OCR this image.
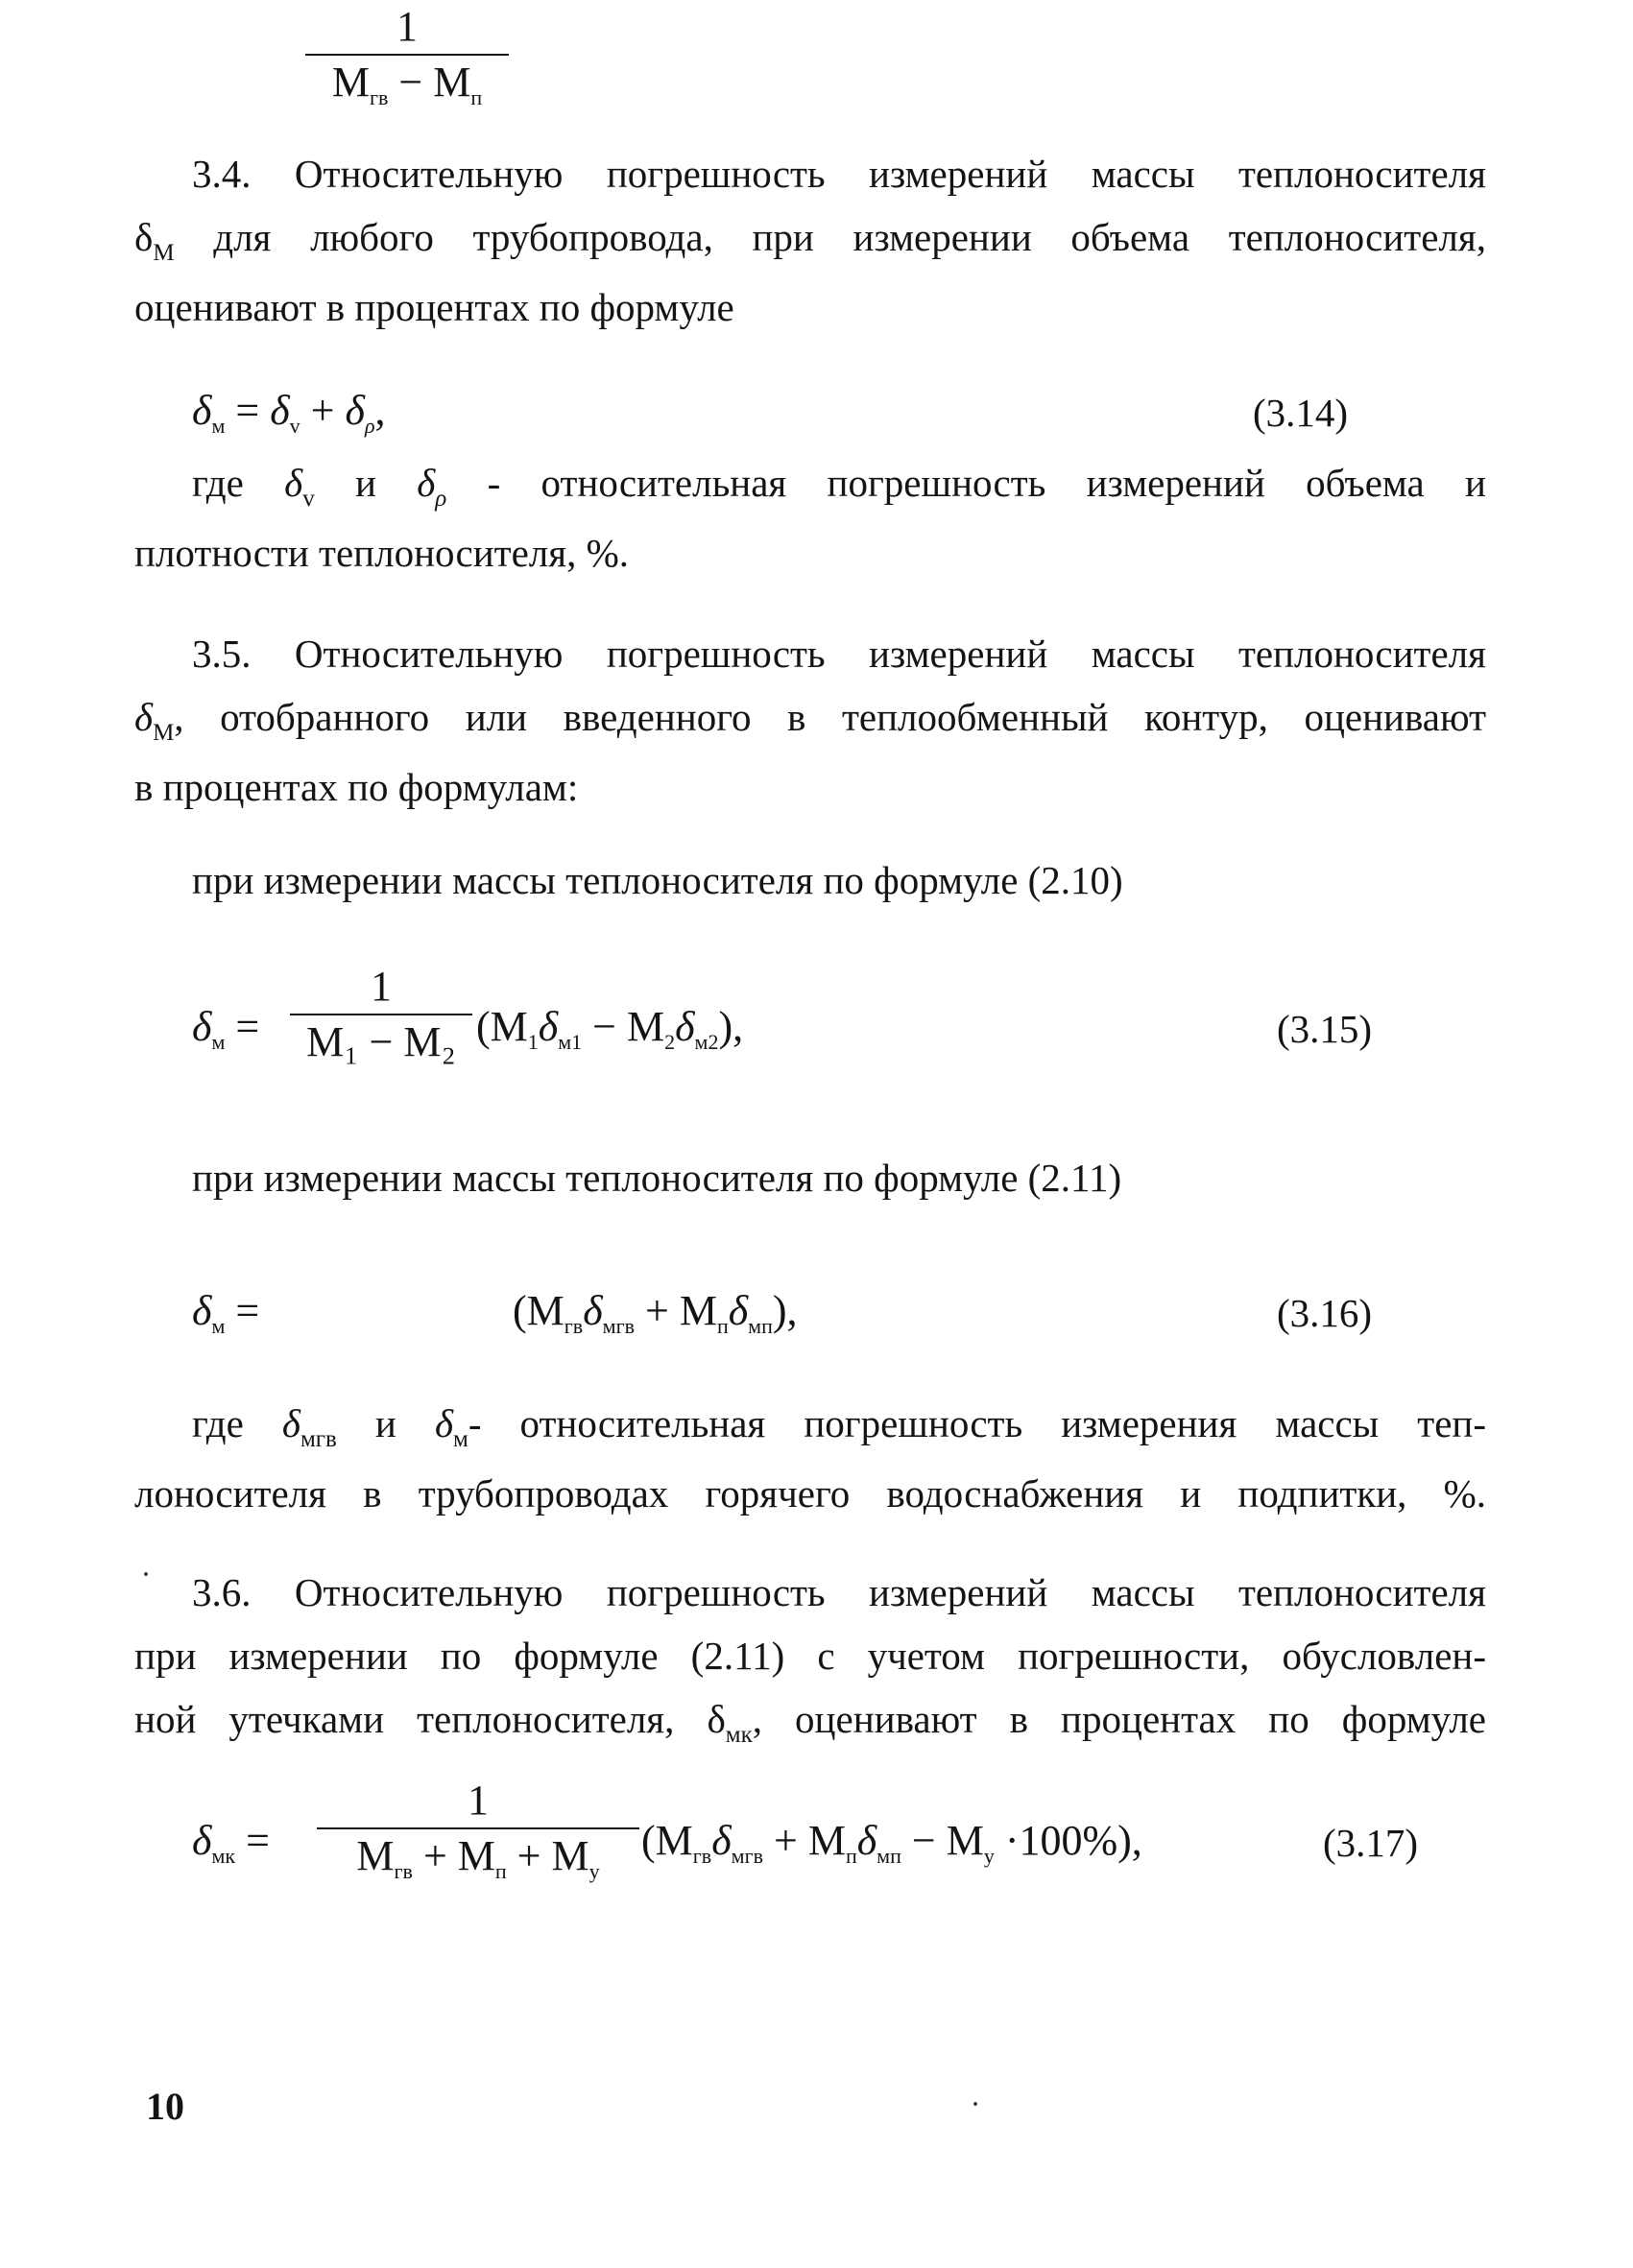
3.4. Относительную погрешность измерений массы теплоносителя
$\delta_М$ для любого трубопровода, при измерении объема теплоносителя,
оценивают в процентах по формуле
$\delta_м = \delta_v + \delta_\rho$,	(3.14)
где $\delta_v$ и $\delta_\rho$ - относительная погрешность измерений объема и
плотности теплоносителя, %.
3.5. Относительную погрешность измерений массы теплоносителя
$\delta_М$, отобранного или введенного в теплообменный контур, оценивают
в процентах по формулам:
при измерении массы теплоносителя по формуле (2.10)
$\delta_м$ =
1
M₁ − M₂ $(M_1\delta_{м1} - M_2\delta_{м2})$,	(3.15)
при измерении массы теплоносителя по формуле (2.11)
$\delta_м$ =
1
$M_{гв} - M_п$
$(M_{гв}\delta_{мгв} + M_п\delta_{мп})$,	(3.16)
где $\delta_{мгв}$ и $\delta_м-$ относительная погрешность измерения массы теп-
лоносителя в трубопроводах горячего водоснабжения и подпитки, %.
3.6. Относительную погрешность измерений массы теплоносителя
при измерении по формуле (2.11) с учетом погрешности, обусловлен-
ной утечками теплоносителя, $\delta_{мк}$, оценивают в процентах по формуле
$\delta_{мк}$ =
1
$M_{гв} + M_п + M_у$
$(M_{гв}\delta_{мгв} + M_п\delta_{мп} - M_у \cdot 100\%)$,	(3.17)
10
